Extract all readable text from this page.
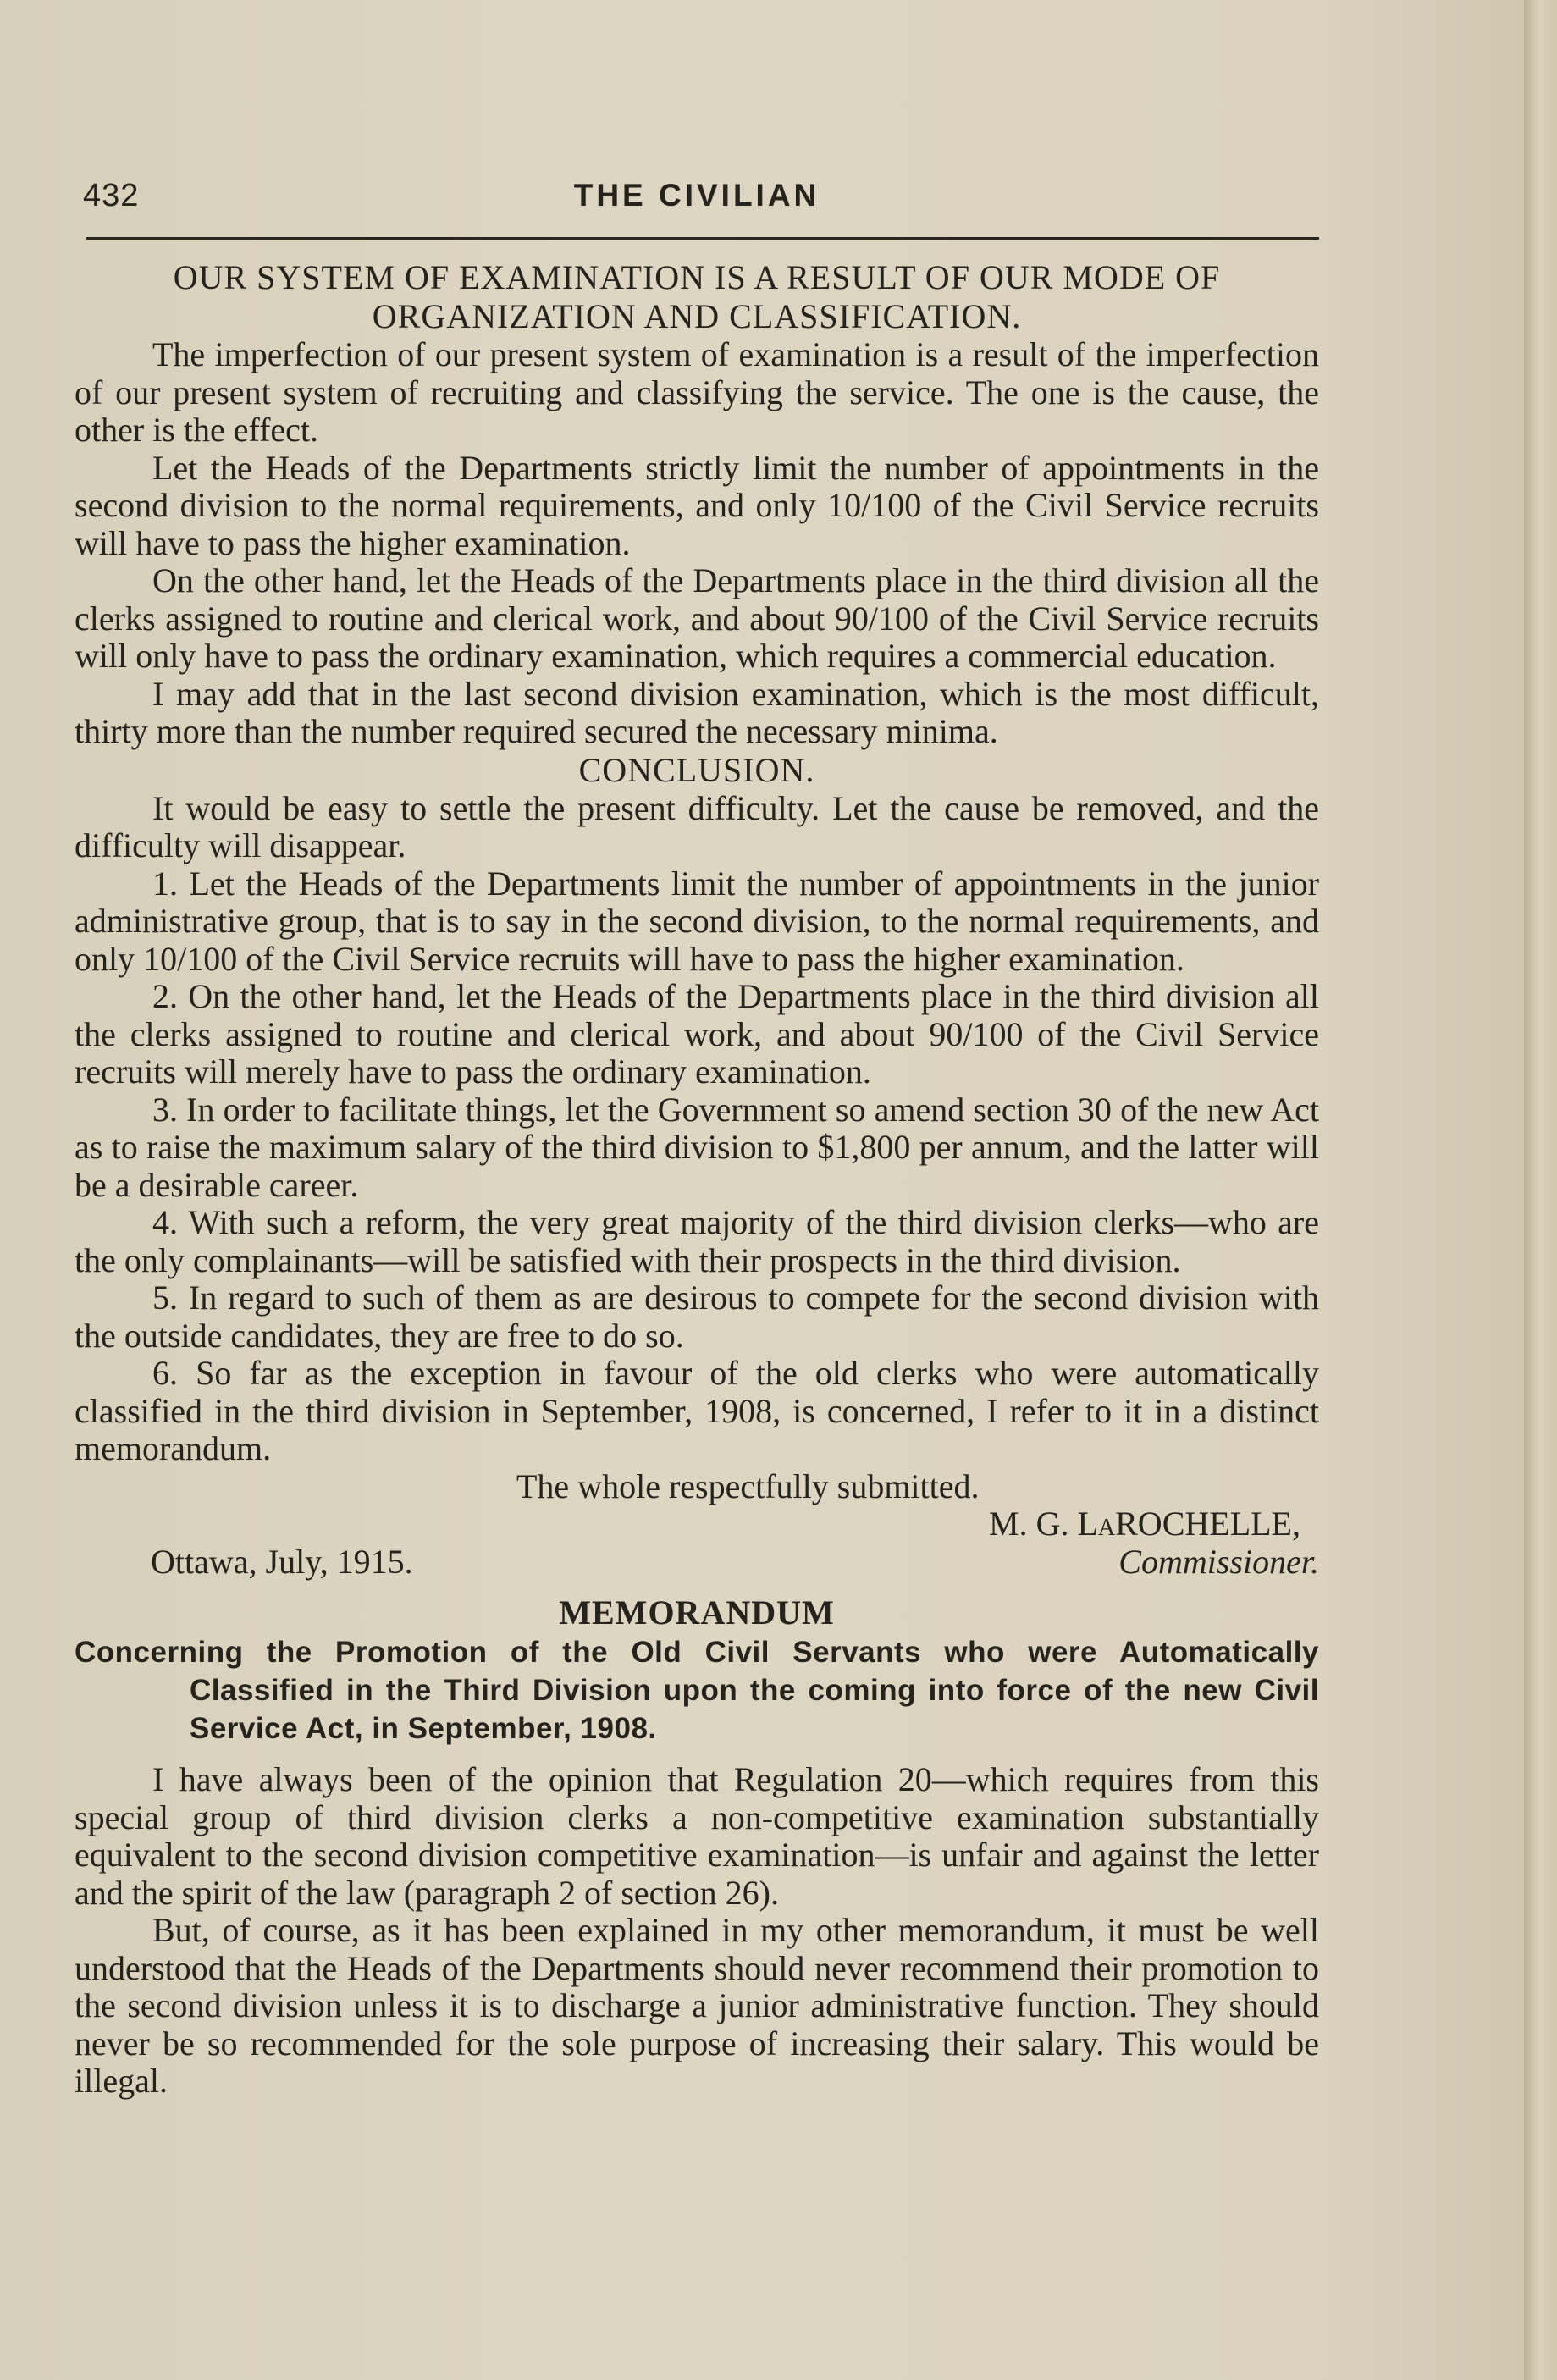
432	THE CIVILIAN

OUR SYSTEM OF EXAMINATION IS A RESULT OF OUR MODE OF ORGANIZATION AND CLASSIFICATION.

The imperfection of our present system of examination is a result of the imperfection of our present system of recruiting and classifying the service. The one is the cause, the other is the effect.

Let the Heads of the Departments strictly limit the number of appointments in the second division to the normal requirements, and only 10/100 of the Civil Service recruits will have to pass the higher examination.

On the other hand, let the Heads of the Departments place in the third division all the clerks assigned to routine and clerical work, and about 90/100 of the Civil Service recruits will only have to pass the ordinary examination, which requires a commercial education.

I may add that in the last second division examination, which is the most difficult, thirty more than the number required secured the necessary minima.

CONCLUSION.

It would be easy to settle the present difficulty. Let the cause be removed, and the difficulty will disappear.

1. Let the Heads of the Departments limit the number of appointments in the junior administrative group, that is to say in the second division, to the normal requirements, and only 10/100 of the Civil Service recruits will have to pass the higher examination.

2. On the other hand, let the Heads of the Departments place in the third division all the clerks assigned to routine and clerical work, and about 90/100 of the Civil Service recruits will merely have to pass the ordinary examination.

3. In order to facilitate things, let the Government so amend section 30 of the new Act as to raise the maximum salary of the third division to $1,800 per annum, and the latter will be a desirable career.

4. With such a reform, the very great majority of the third division clerks—who are the only complainants—will be satisfied with their prospects in the third division.

5. In regard to such of them as are desirous to compete for the second division with the outside candidates, they are free to do so.

6. So far as the exception in favour of the old clerks who were automatically classified in the third division in September, 1908, is concerned, I refer to it in a distinct memorandum.

The whole respectfully submitted.
M. G. LaROCHELLE,
Ottawa, July, 1915.	Commissioner.

MEMORANDUM

Concerning the Promotion of the Old Civil Servants who were Automatically Classified in the Third Division upon the coming into force of the new Civil Service Act, in September, 1908.

I have always been of the opinion that Regulation 20—which requires from this special group of third division clerks a non-competitive examination substantially equivalent to the second division competitive examination—is unfair and against the letter and the spirit of the law (paragraph 2 of section 26).

But, of course, as it has been explained in my other memorandum, it must be well understood that the Heads of the Departments should never recommend their promotion to the second division unless it is to discharge a junior administrative function. They should never be so recommended for the sole purpose of increasing their salary. This would be illegal.
